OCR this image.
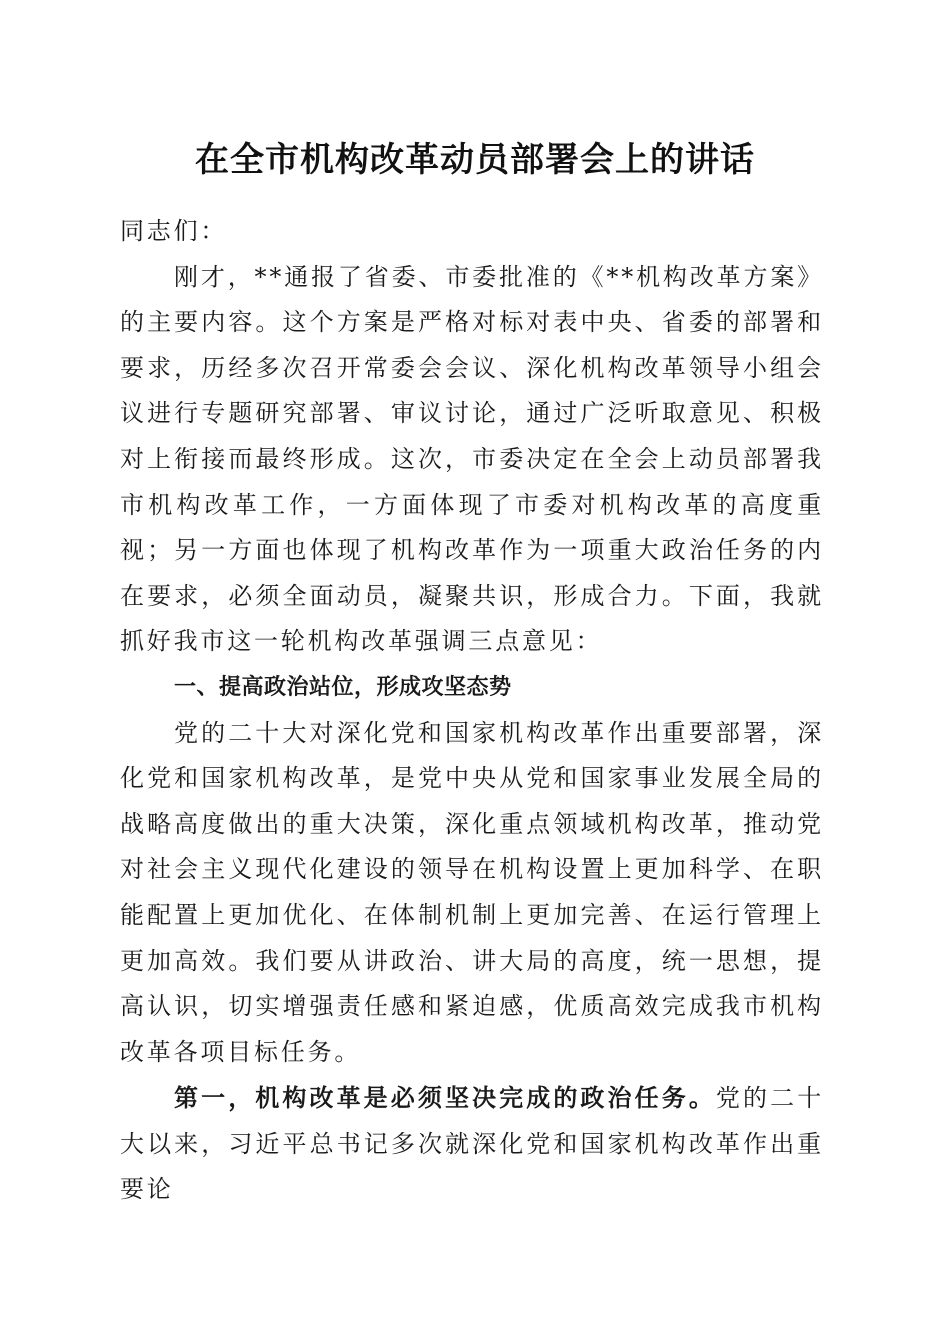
在全市机构改革动员部署会上的讲话

同志们：

刚才，**通报了省委、市委批准的《**机构改革方案》的主要内容。这个方案是严格对标对表中央、省委的部署和要求，历经多次召开常委会会议、深化机构改革领导小组会议进行专题研究部署、审议讨论，通过广泛听取意见、积极对上衔接而最终形成。这次，市委决定在全会上动员部署我市机构改革工作，一方面体现了市委对机构改革的高度重视；另一方面也体现了机构改革作为一项重大政治任务的内在要求，必须全面动员，凝聚共识，形成合力。下面，我就抓好我市这一轮机构改革强调三点意见：

一、提高政治站位，形成攻坚态势

党的二十大对深化党和国家机构改革作出重要部署，深化党和国家机构改革，是党中央从党和国家事业发展全局的战略高度做出的重大决策，深化重点领域机构改革，推动党对社会主义现代化建设的领导在机构设置上更加科学、在职能配置上更加优化、在体制机制上更加完善、在运行管理上更加高效。我们要从讲政治、讲大局的高度，统一思想，提高认识，切实增强责任感和紧迫感，优质高效完成我市机构改革各项目标任务。

第一，机构改革是必须坚决完成的政治任务。党的二十大以来，习近平总书记多次就深化党和国家机构改革作出重要论
